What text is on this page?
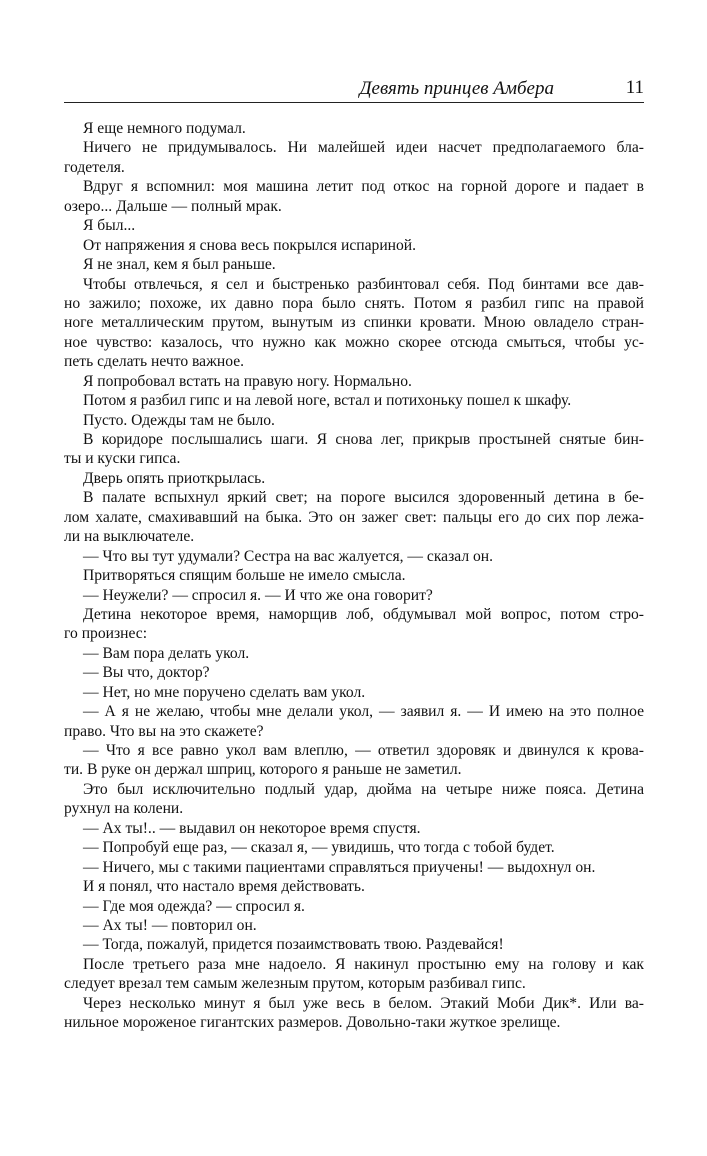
Девять принцев Амбера	11
Я еще немного подумал.
Ничего не придумывалось. Ни малейшей идеи насчет предполагаемого бла-
годетеля.
Вдруг я вспомнил: моя машина летит под откос на горной дороге и падает в
озеро... Дальше — полный мрак.
Я был...
От напряжения я снова весь покрылся испариной.
Я не знал, кем я был раньше.
Чтобы отвлечься, я сел и быстренько разбинтовал себя. Под бинтами все дав-
но зажило; похоже, их давно пора было снять. Потом я разбил гипс на правой
ноге металлическим прутом, вынутым из спинки кровати. Мною овладело стран-
ное чувство: казалось, что нужно как можно скорее отсюда смыться, чтобы ус-
петь сделать нечто важное.
Я попробовал встать на правую ногу. Нормально.
Потом я разбил гипс и на левой ноге, встал и потихоньку пошел к шкафу.
Пусто. Одежды там не было.
В коридоре послышались шаги. Я снова лег, прикрыв простыней снятые бин-
ты и куски гипса.
Дверь опять приоткрылась.
В палате вспыхнул яркий свет; на пороге высился здоровенный детина в бе-
лом халате, смахивавший на быка. Это он зажег свет: пальцы его до сих пор лежа-
ли на выключателе.
— Что вы тут удумали? Сестра на вас жалуется, — сказал он.
Притворяться спящим больше не имело смысла.
— Неужели? — спросил я. — И что же она говорит?
Детина некоторое время, наморщив лоб, обдумывал мой вопрос, потом стро-
го произнес:
— Вам пора делать укол.
— Вы что, доктор?
— Нет, но мне поручено сделать вам укол.
— А я не желаю, чтобы мне делали укол, — заявил я. — И имею на это полное
право. Что вы на это скажете?
— Что я все равно укол вам влеплю, — ответил здоровяк и двинулся к крова-
ти. В руке он держал шприц, которого я раньше не заметил.
Это был исключительно подлый удар, дюйма на четыре ниже пояса. Детина
рухнул на колени.
— Ах ты!.. — выдавил он некоторое время спустя.
— Попробуй еще раз, — сказал я, — увидишь, что тогда с тобой будет.
— Ничего, мы с такими пациентами справляться приучены! — выдохнул он.
И я понял, что настало время действовать.
— Где моя одежда? — спросил я.
— Ах ты! — повторил он.
— Тогда, пожалуй, придется позаимствовать твою. Раздевайся!
После третьего раза мне надоело. Я накинул простыню ему на голову и как
следует врезал тем самым железным прутом, которым разбивал гипс.
Через несколько минут я был уже весь в белом. Этакий Моби Дик*. Или ва-
нильное мороженое гигантских размеров. Довольно-таки жуткое зрелище.
